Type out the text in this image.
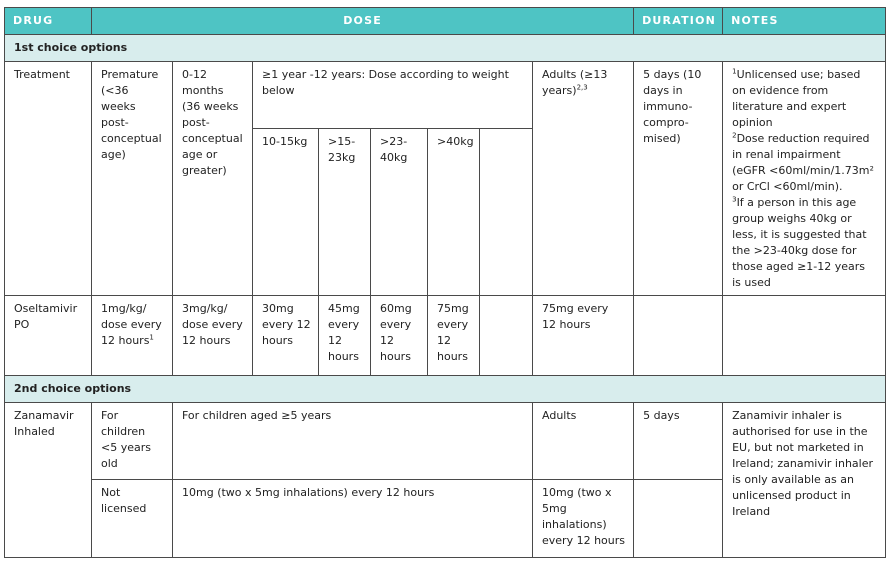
DRUG	DOSE								DURATION	NOTES
1st choice options										
Treatment	Premature (<36 weeks post-conceptual age)	0-12 months (36 weeks post-conceptual age or greater)	≥1 year -12 years: Dose according to weight below					Adults (≥13 years)$^{2,3}$	5 days (10 days in immuno-compro-mised)	$^1$Unlicensed use; based on evidence from literature and expert opinion
$^2$Dose reduction required in renal impairment (eGFR <60ml/min/1.73m² or CrCl <60ml/min).
$^3$If a person in this age group weighs 40kg or less, it is suggested that the >23-40kg dose for those aged ≥1-12 years is used

			10-15kg	>15-23kg	>23-40kg	>40kg				
Oseltamivir PO	1mg/kg/ dose every 12 hours$^1$	3mg/kg/ dose every 12 hours	30mg every 12 hours	45mg every 12 hours	60mg every 12 hours	75mg every 12 hours		75mg every 12 hours		
2nd choice options										
Zanamavir Inhaled	For children <5 years old	For children aged ≥5 years						Adults	5 days	Zanamivir inhaler is authorised for use in the EU, but not marketed in Ireland; zanamivir inhaler is only available as an unlicensed product in Ireland
	Not licensed	10mg (two x 5mg inhalations) every 12 hours						10mg (two x 5mg inhalations) every 12 hours		
